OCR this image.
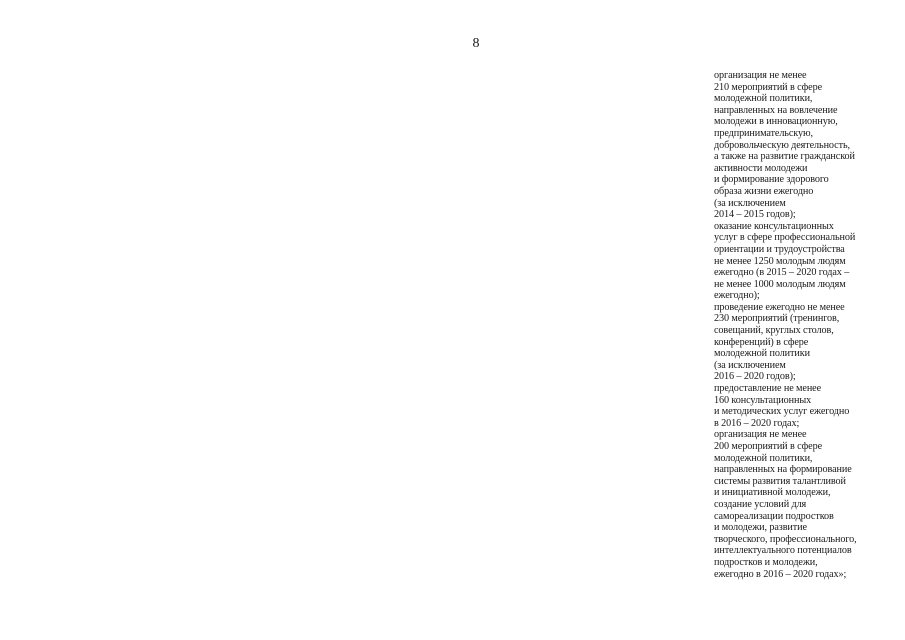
8
организация не менее
210 мероприятий в сфере
молодежной политики,
направленных на вовлечение
молодежи в инновационную,
предпринимательскую,
добровольческую деятельность,
а также на развитие гражданской
активности молодежи
и формирование здорового
образа жизни ежегодно
(за исключением
2014 – 2015 годов);
оказание консультационных
услуг в сфере профессиональной
ориентации и трудоустройства
не менее 1250 молодым людям
ежегодно (в 2015 – 2020 годах –
не менее 1000 молодым людям
ежегодно);
проведение ежегодно не менее
230 мероприятий (тренингов,
совещаний, круглых столов,
конференций) в сфере
молодежной политики
(за исключением
2016 – 2020 годов);
предоставление не менее
160 консультационных
и методических услуг ежегодно
в 2016 – 2020 годах;
организация не менее
200 мероприятий в сфере
молодежной политики,
направленных на формирование
системы развития талантливой
и инициативной молодежи,
создание условий для
самореализации подростков
и молодежи, развитие
творческого, профессионального,
интеллектуального потенциалов
подростков и молодежи,
ежегодно в 2016 – 2020 годах»;
